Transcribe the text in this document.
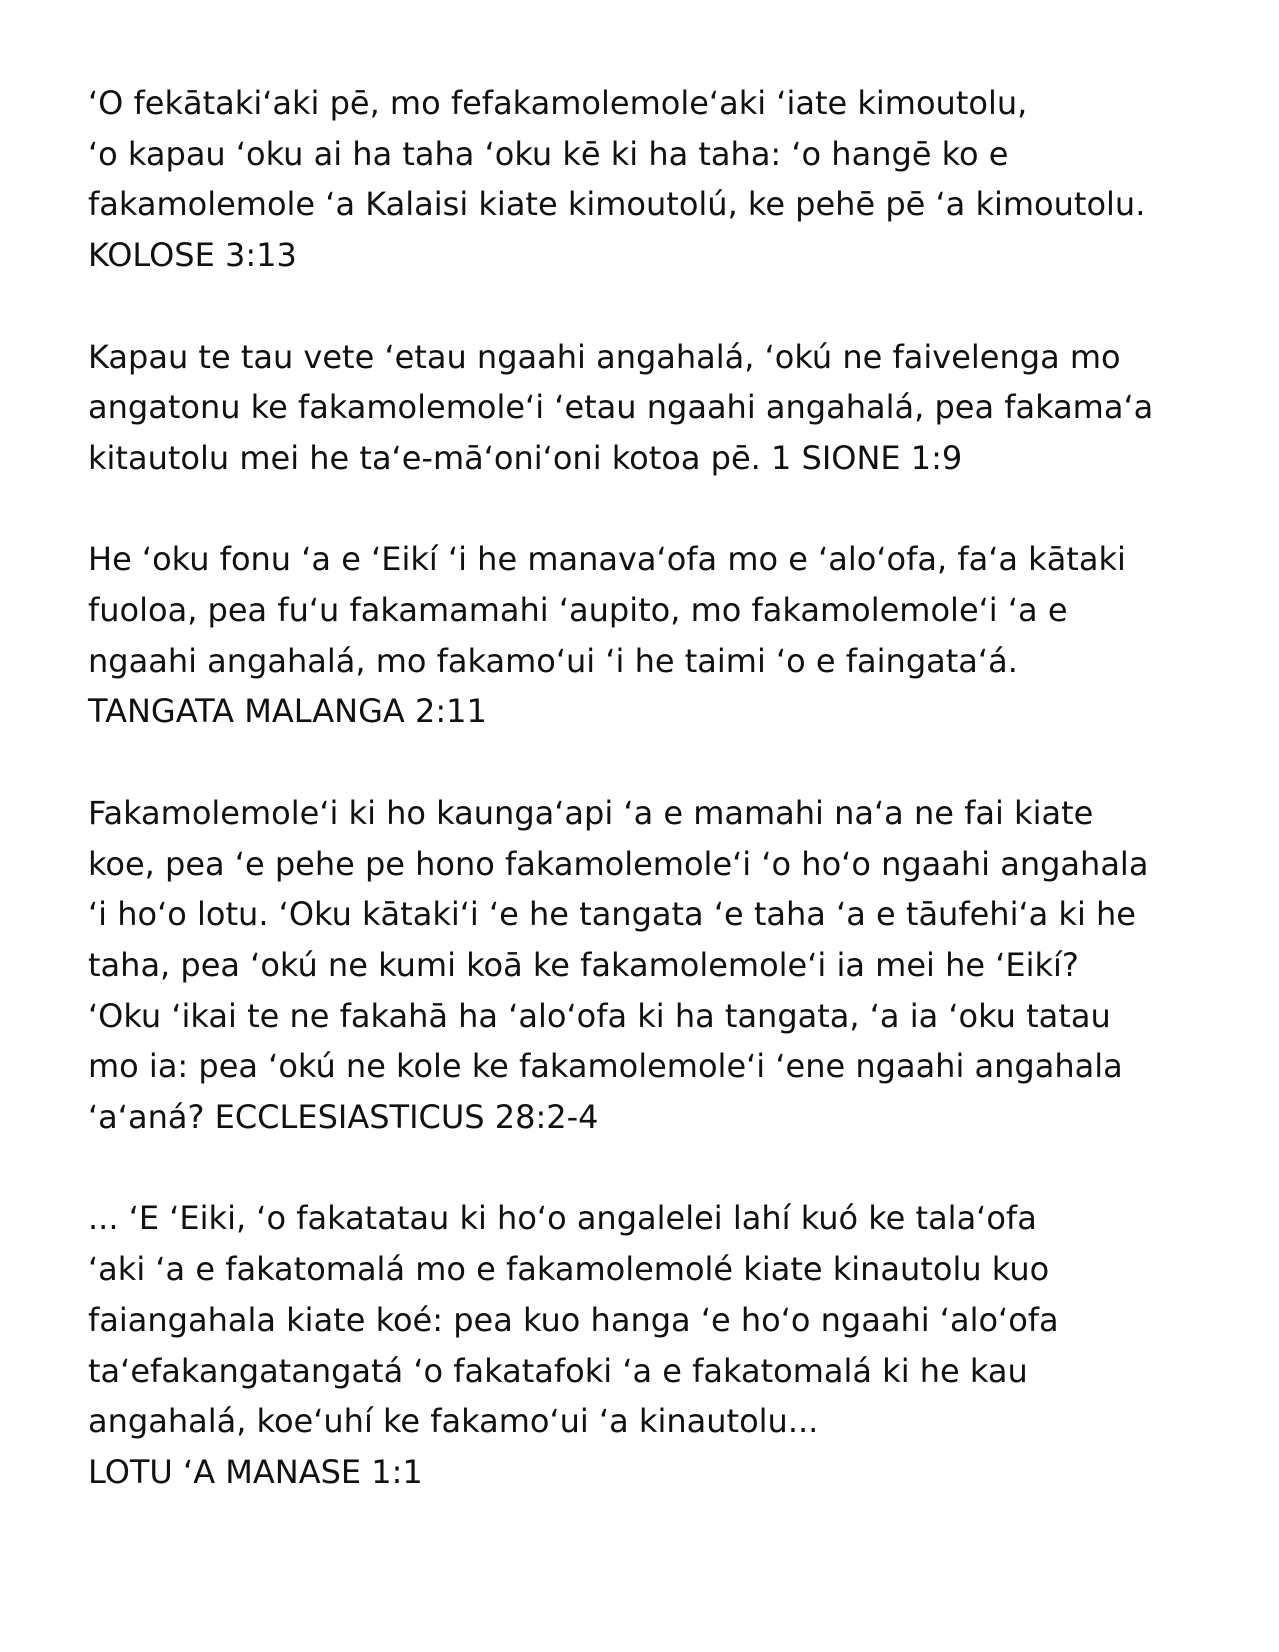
‘O fekātaki‘aki pē, mo fefakamolemole‘aki ‘iate kimoutolu,
‘o kapau ‘oku ai ha taha ‘oku kē ki ha taha: ‘o hangē ko e
fakamolemole ‘a Kalaisi kiate kimoutolú, ke pehē pē ‘a kimoutolu.
KOLOSE 3:13
Kapau te tau vete ‘etau ngaahi angahalá, ‘okú ne faivelenga mo
angatonu ke fakamolemole‘i ‘etau ngaahi angahalá, pea fakama‘a
kitautolu mei he ta‘e-mā‘oni‘oni kotoa pē. 1 SIONE 1:9
He ‘oku fonu ‘a e ‘Eikí ‘i he manava‘ofa mo e ‘alo‘ofa, fa‘a kātaki
fuoloa, pea fu‘u fakamamahi ‘aupito, mo fakamolemole‘i ‘a e
ngaahi angahalá, mo fakamo‘ui ‘i he taimi ‘o e faingata‘á.
TANGATA MALANGA 2:11
Fakamolemole‘i ki ho kaunga‘api ‘a e mamahi na‘a ne fai kiate
koe, pea ‘e pehe pe hono fakamolemole‘i ‘o ho‘o ngaahi angahala
‘i ho‘o lotu. ‘Oku kātaki‘i ‘e he tangata ‘e taha ‘a e tāufehi‘a ki he
taha, pea ‘okú ne kumi koā ke fakamolemole‘i ia mei he ‘Eikí?
‘Oku ‘ikai te ne fakahā ha ‘alo‘ofa ki ha tangata, ‘a ia ‘oku tatau
mo ia: pea ‘okú ne kole ke fakamolemole‘i ‘ene ngaahi angahala
‘a‘aná? ECCLESIASTICUS 28:2-4
... ‘E ‘Eiki, ‘o fakatatau ki ho‘o angalelei lahí kuó ke tala‘ofa
‘aki ‘a e fakatomalá mo e fakamolemolé kiate kinautolu kuo
faiangahala kiate koé: pea kuo hanga ‘e ho‘o ngaahi ‘alo‘ofa
ta‘efakangatangatá ‘o fakatafoki ‘a e fakatomalá ki he kau
angahalá, koe‘uhí ke fakamo‘ui ‘a kinautolu...
LOTU ‘A MANASE 1:1
